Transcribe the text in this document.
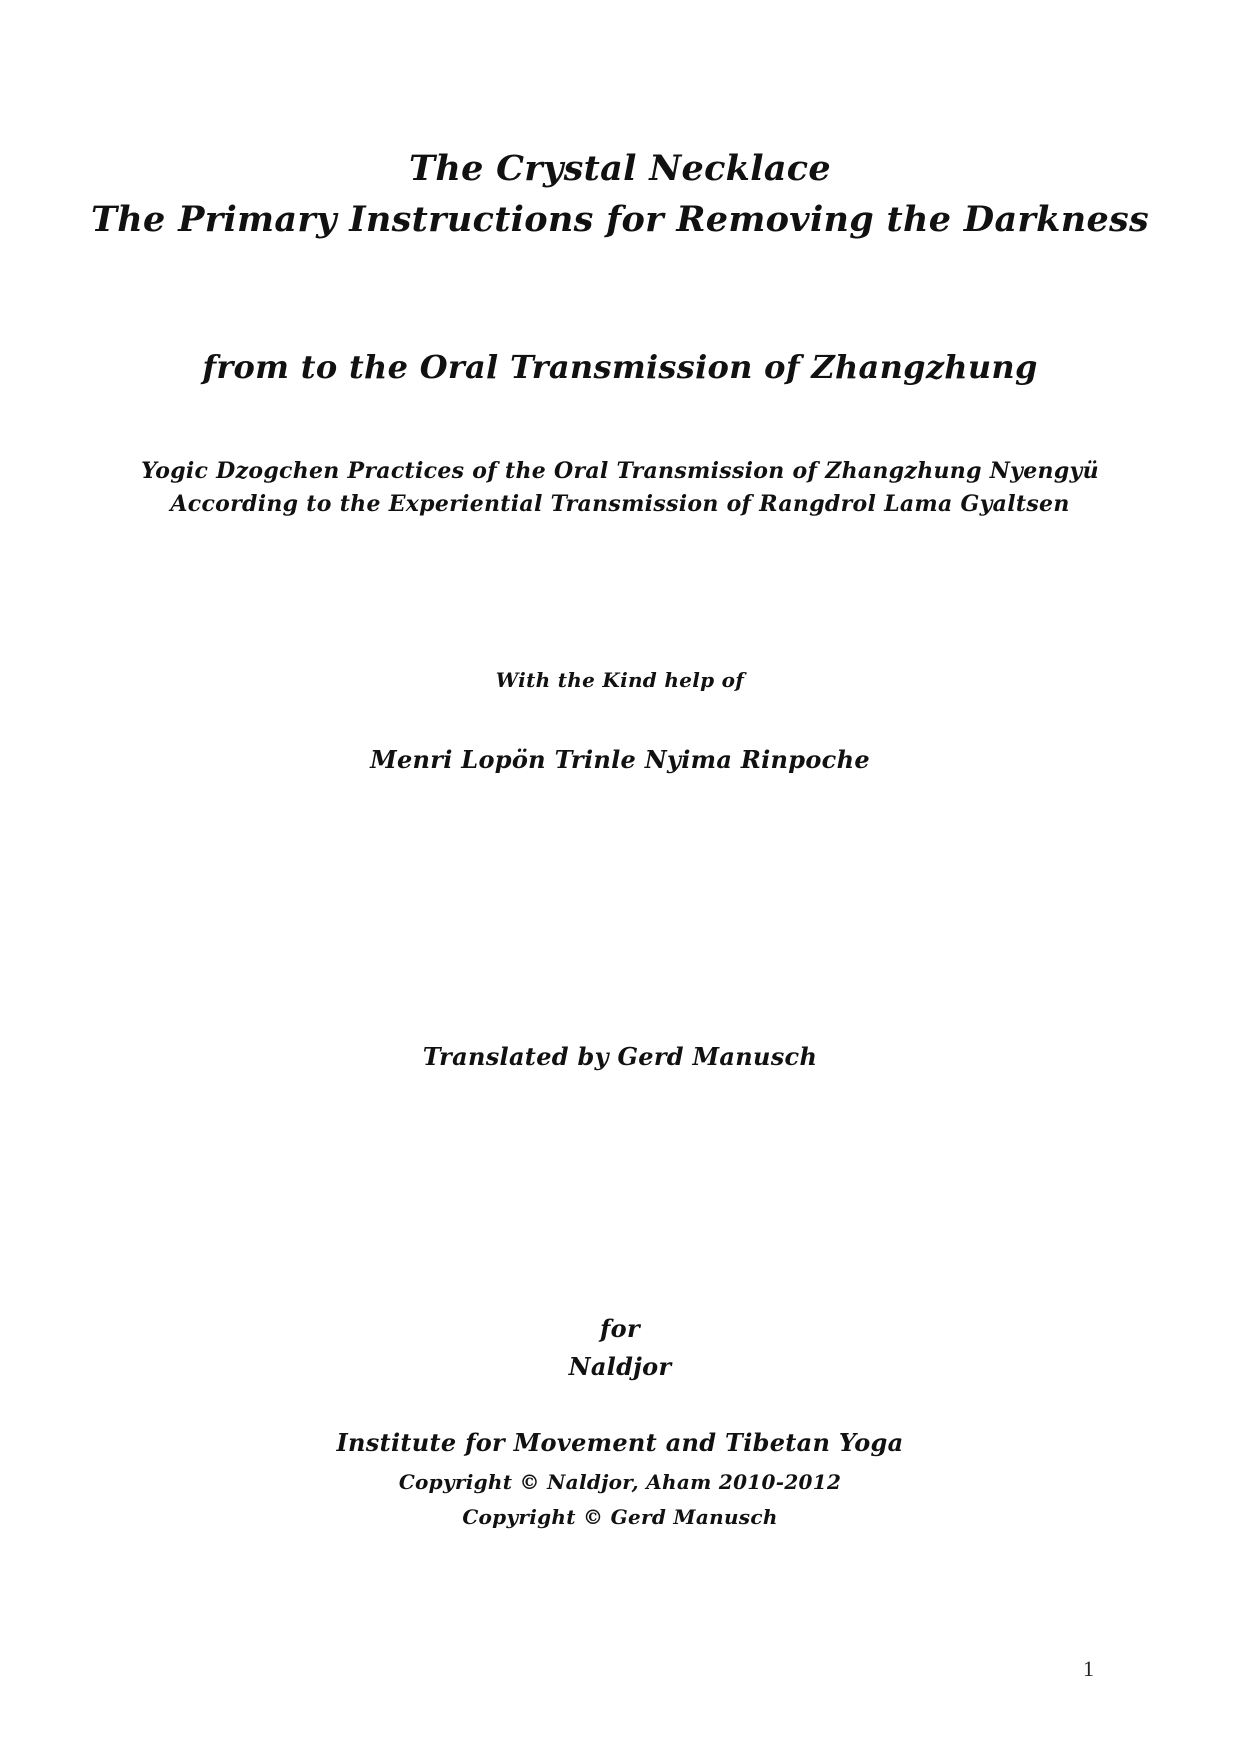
The Crystal Necklace
The Primary Instructions for Removing the Darkness
from to the Oral Transmission of Zhangzhung
Yogic Dzogchen Practices of the Oral Transmission of Zhangzhung Nyengyü
According to the Experiential Transmission of Rangdrol Lama Gyaltsen
With the Kind help of
Menri Lopön Trinle Nyima Rinpoche
Translated by Gerd Manusch
for
Naldjor
Institute for Movement and Tibetan Yoga
Copyright © Naldjor, Aham 2010-2012
Copyright © Gerd Manusch
1
